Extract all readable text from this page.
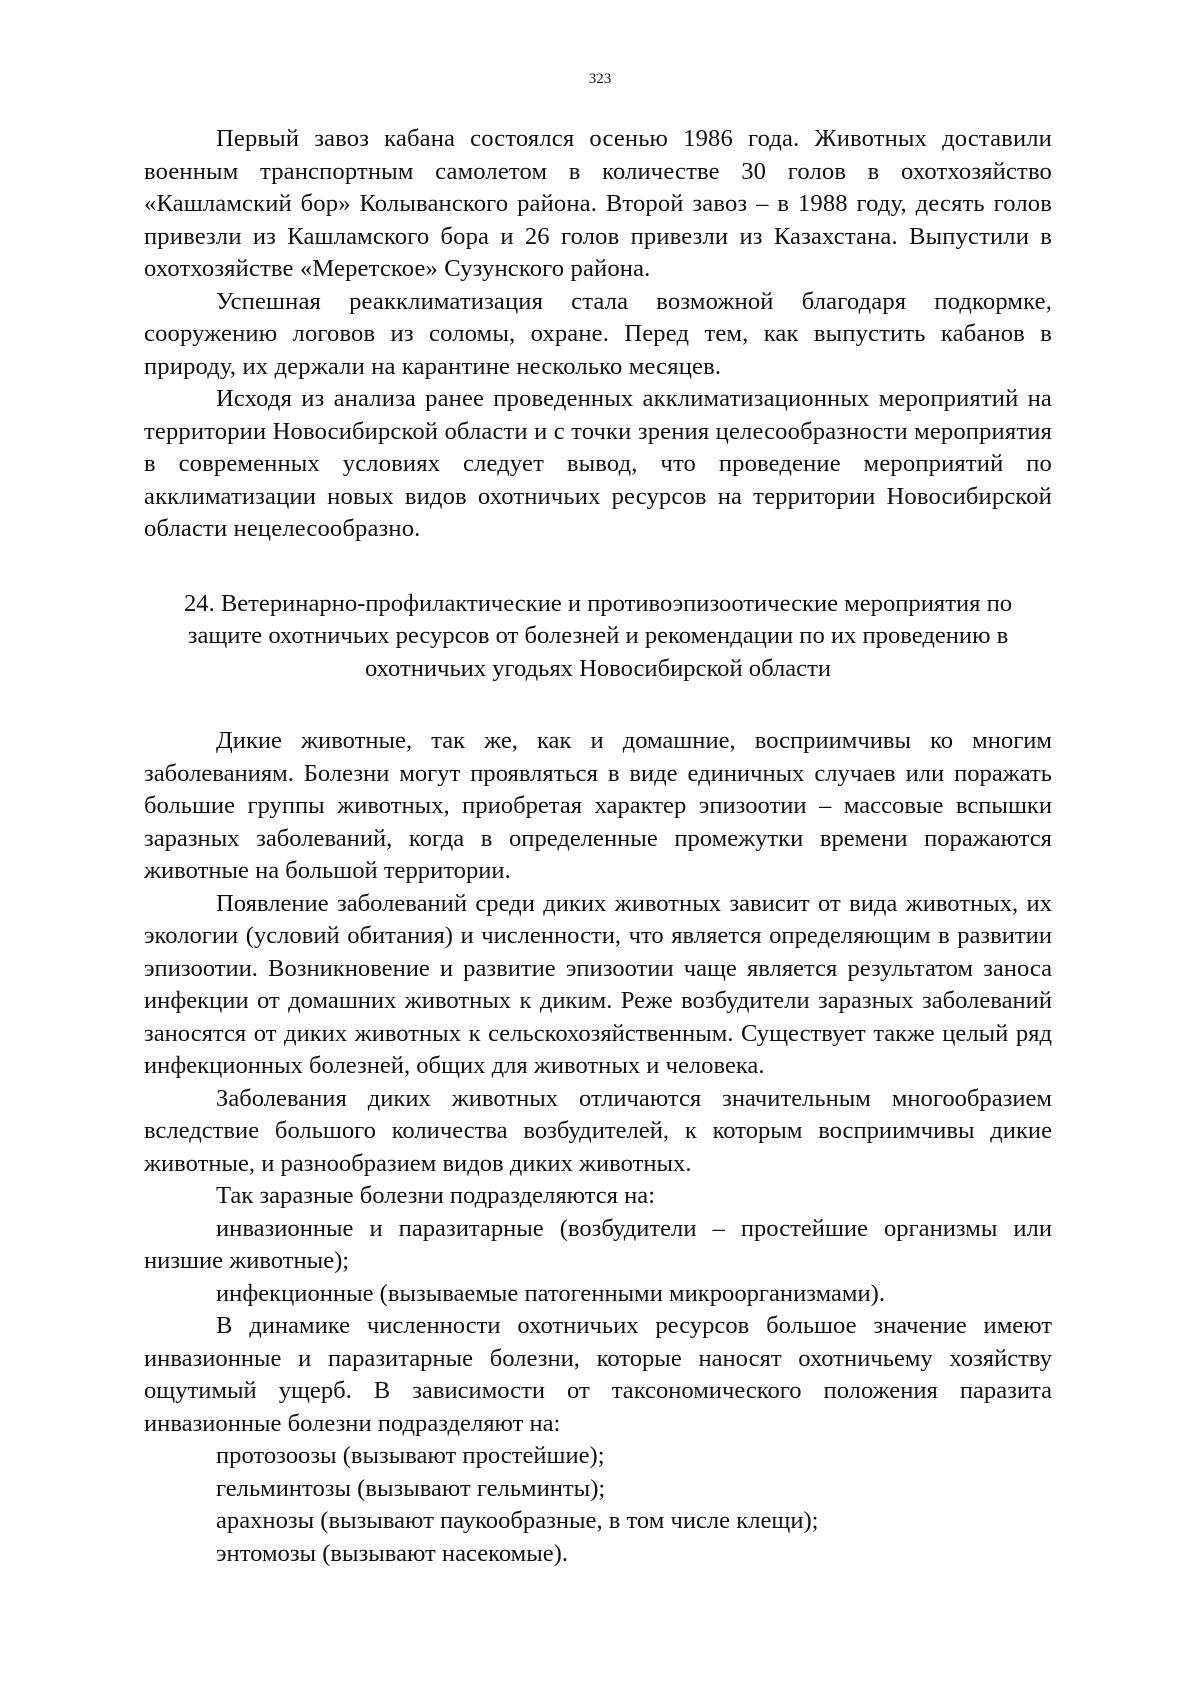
323

Первый завоз кабана состоялся осенью 1986 года. Животных доставили военным транспортным самолетом в количестве 30 голов в охотхозяйство «Кашламский бор» Колыванского района. Второй завоз – в 1988 году, десять голов привезли из Кашламского бора и 26 голов привезли из Казахстана. Выпустили в охотхозяйстве «Меретское» Сузунского района.

Успешная реакклиматизация стала возможной благодаря подкормке, сооружению логовов из соломы, охране. Перед тем, как выпустить кабанов в природу, их держали на карантине несколько месяцев.

Исходя из анализа ранее проведенных акклиматизационных мероприятий на территории Новосибирской области и с точки зрения целесообразности мероприятия в современных условиях следует вывод, что проведение мероприятий по акклиматизации новых видов охотничьих ресурсов на территории Новосибирской области нецелесообразно.

24. Ветеринарно-профилактические и противоэпизоотические мероприятия по защите охотничьих ресурсов от болезней и рекомендации по их проведению в охотничьих угодьях Новосибирской области

Дикие животные, так же, как и домашние, восприимчивы ко многим заболеваниям. Болезни могут проявляться в виде единичных случаев или поражать большие группы животных, приобретая характер эпизоотии – массовые вспышки заразных заболеваний, когда в определенные промежутки времени поражаются животные на большой территории.

Появление заболеваний среди диких животных зависит от вида животных, их экологии (условий обитания) и численности, что является определяющим в развитии эпизоотии. Возникновение и развитие эпизоотии чаще является результатом заноса инфекции от домашних животных к диким. Реже возбудители заразных заболеваний заносятся от диких животных к сельскохозяйственным. Существует также целый ряд инфекционных болезней, общих для животных и человека.

Заболевания диких животных отличаются значительным многообразием вследствие большого количества возбудителей, к которым восприимчивы дикие животные, и разнообразием видов диких животных.

Так заразные болезни подразделяются на:

инвазионные и паразитарные (возбудители – простейшие организмы или низшие животные);

инфекционные (вызываемые патогенными микроорганизмами).

В динамике численности охотничьих ресурсов большое значение имеют инвазионные и паразитарные болезни, которые наносят охотничьему хозяйству ощутимый ущерб. В зависимости от таксономического положения паразита инвазионные болезни подразделяют на:

протозоозы (вызывают простейшие);

гельминтозы (вызывают гельминты);

арахнозы (вызывают паукообразные, в том числе клещи);

энтомозы (вызывают насекомые).
